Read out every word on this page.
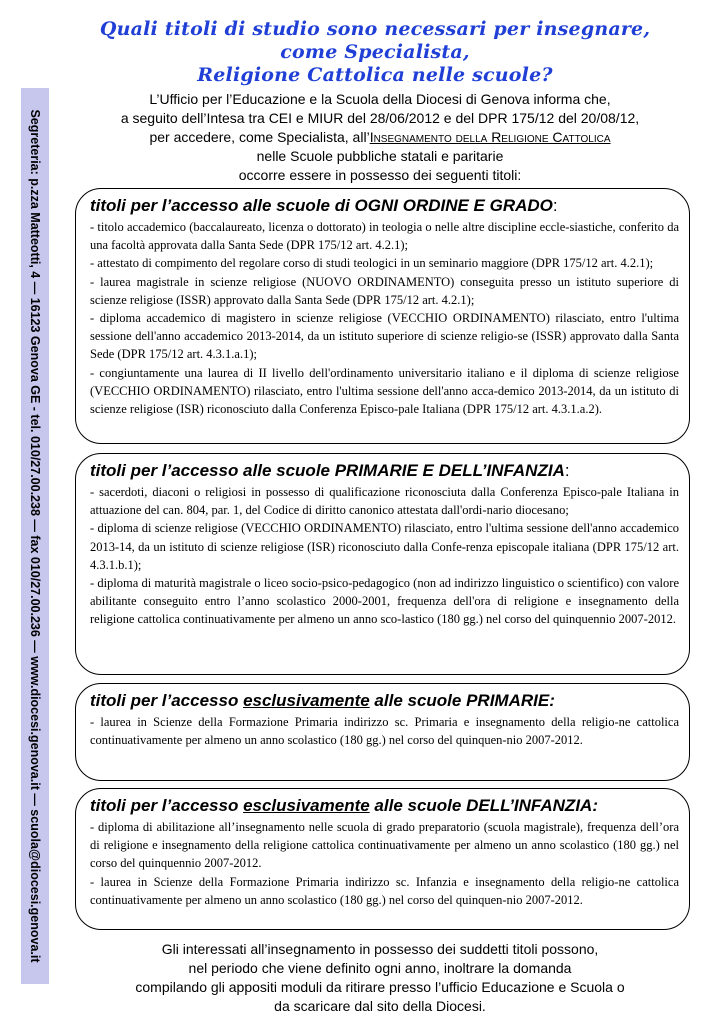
Quali titoli di studio sono necessari per insegnare,
come Specialista,
Religione Cattolica nelle scuole?
L’Ufficio per l’Educazione e la Scuola della Diocesi di Genova informa che,
a seguito dell’Intesa tra CEI e MIUR del 28/06/2012 e del DPR 175/12 del 20/08/12,
per accedere, come Specialista, all’Insegnamento della Religione Cattolica
nelle Scuole pubbliche statali e paritarie
occorre essere in possesso dei seguenti titoli:
Segreteria: p.zza Matteotti, 4 — 16123 Genova GE - tel. 010/27.00.238 — fax 010/27.00.236 — www.diocesi.genova.it — scuola@diocesi.genova.it	titoli per l’accesso alle scuole di OGNI ORDINE E GRADO:

- titolo accademico (baccalaureato, licenza o dottorato) in teologia o nelle altre discipline eccle-siastiche, conferito da una facoltà approvata dalla Santa Sede (DPR 175/12 art. 4.2.1);

- attestato di compimento del regolare corso di studi teologici in un seminario maggiore (DPR 175/12 art. 4.2.1);

- laurea magistrale in scienze religiose (NUOVO ORDINAMENTO) conseguita presso un istituto superiore di scienze religiose (ISSR) approvato dalla Santa Sede (DPR 175/12 art. 4.2.1);

- diploma accademico di magistero in scienze religiose (VECCHIO ORDINAMENTO) rilasciato, entro l'ultima sessione dell'anno accademico 2013-2014, da un istituto superiore di scienze religio-se (ISSR) approvato dalla Santa Sede (DPR 175/12 art. 4.3.1.a.1);

- congiuntamente una laurea di II livello dell'ordinamento universitario italiano e il diploma di scienze religiose (VECCHIO ORDINAMENTO) rilasciato, entro l'ultima sessione dell'anno acca-demico 2013-2014, da un istituto di scienze religiose (ISR) riconosciuto dalla Conferenza Episco-pale Italiana (DPR 175/12 art. 4.3.1.a.2).

titoli per l’accesso alle scuole PRIMARIE E DELL’INFANZIA:

- sacerdoti, diaconi o religiosi in possesso di qualificazione riconosciuta dalla Conferenza Episco-pale Italiana in attuazione del can. 804, par. 1, del Codice di diritto canonico attestata dall'ordi-nario diocesano;

- diploma di scienze religiose (VECCHIO ORDINAMENTO) rilasciato, entro l'ultima sessione dell'anno accademico 2013-14, da un istituto di scienze religiose (ISR) riconosciuto dalla Confe-renza episcopale italiana (DPR 175/12 art. 4.3.1.b.1);

- diploma di maturità magistrale o liceo socio-psico-pedagogico (non ad indirizzo linguistico o scientifico) con valore abilitante conseguito entro l’anno scolastico 2000-2001, frequenza dell'ora di religione e insegnamento della religione cattolica continuativamente per almeno un anno sco-lastico (180 gg.) nel corso del quinquennio 2007-2012.

titoli per l’accesso esclusivamente alle scuole PRIMARIE:

- laurea in Scienze della Formazione Primaria indirizzo sc. Primaria e insegnamento della religio-ne cattolica continuativamente per almeno un anno scolastico (180 gg.) nel corso del quinquen-nio 2007-2012.

titoli per l’accesso esclusivamente alle scuole DELL’INFANZIA:

- diploma di abilitazione all’insegnamento nelle scuola di grado preparatorio (scuola magistrale), frequenza dell’ora di religione e insegnamento della religione cattolica continuativamente per almeno un anno scolastico (180 gg.) nel corso del quinquennio 2007-2012.

- laurea in Scienze della Formazione Primaria indirizzo sc. Infanzia e insegnamento della religio-ne cattolica continuativamente per almeno un anno scolastico (180 gg.) nel corso del quinquen-nio 2007-2012.

Gli interessati all’insegnamento in possesso dei suddetti titoli possono,
nel periodo che viene definito ogni anno, inoltrare la domanda
compilando gli appositi moduli da ritirare presso l’ufficio Educazione e Scuola o
da scaricare dal sito della Diocesi.
